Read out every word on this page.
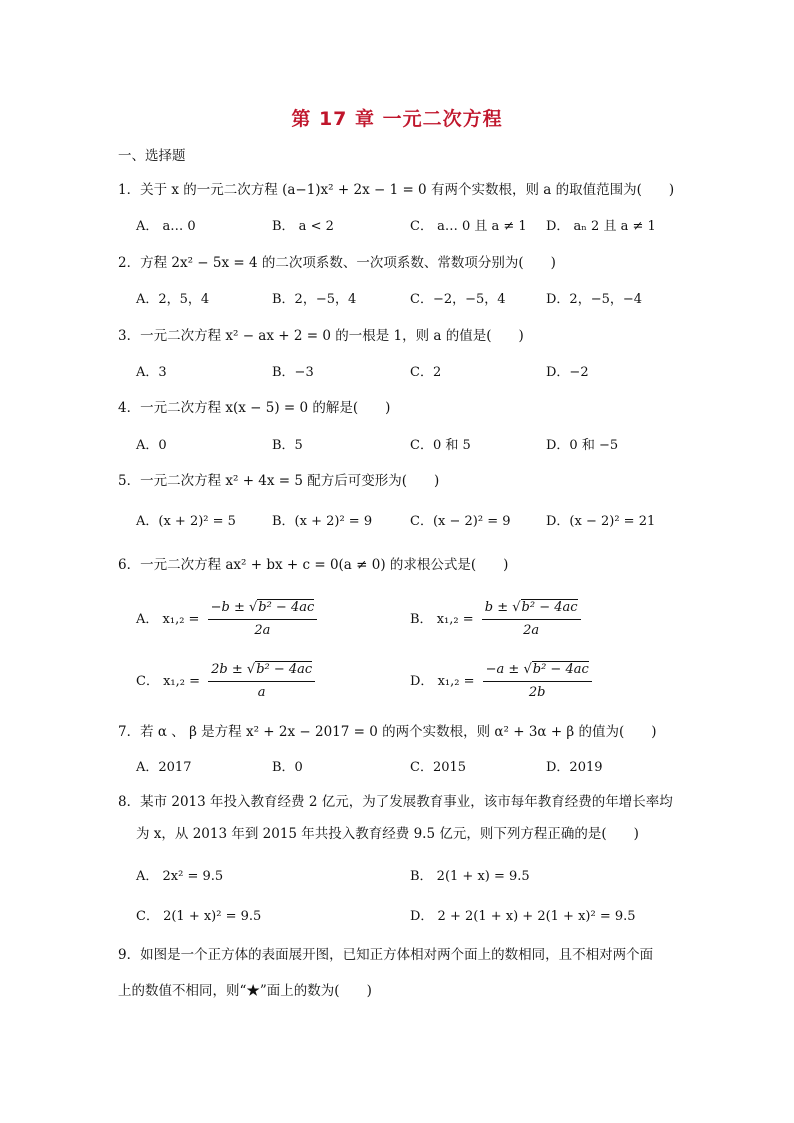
第 17 章 一元二次方程
一、选择题
1．关于 x 的一元二次方程 (a−1)x² + 2x − 1 = 0 有两个实数根，则 a 的取值范围为(　　)
A． a… 0	B． a < 2	C． a… 0 且 a ≠ 1 D． aₙ 2 且 a ≠ 1
2．方程 2x² − 5x = 4 的二次项系数、一次项系数、常数项分别为(　　)
A．2，5，4	B．2，−5，4	C．−2，−5，4	D．2，−5，−4
3．一元二次方程 x² − ax + 2 = 0 的一根是 1，则 a 的值是(　　)
A．3	B．−3	C．2	D．−2
4．一元二次方程 x(x − 5) = 0 的解是(　　)
A．0	B．5	C．0 和 5	D．0 和 −5
5．一元二次方程 x² + 4x = 5 配方后可变形为(　　)
A．(x + 2)² = 5	B．(x + 2)² = 9	C．(x − 2)² = 9	D．(x − 2)² = 21
6．一元二次方程 ax² + bx + c = 0(a ≠ 0) 的求根公式是(　　)
A． $x_1,_2 = \frac{\text{−b ± √b² − 4ac}}{2a}$	B． $x_1,_2 = \frac{\text{b ± √b² − 4ac}}{2a}$
C． $x_1,_2 = \frac{\text{2b ± √b² − 4ac}}{a}$	D． $x_1,_2 = \frac{\text{−a ± √b² − 4ac}}{2b}$
7．若 α 、 β 是方程 x² + 2x − 2017 = 0 的两个实数根，则 α² + 3α + β 的值为(　　)
A．2017	B．0	C．2015	D．2019
8．某市 2013 年投入教育经费 2 亿元，为了发展教育事业，该市每年教育经费的年增长率均
为 x，从 2013 年到 2015 年共投入教育经费 9.5 亿元，则下列方程正确的是(　　)
A． 2x² = 9.5	B． 2(1 + x) = 9.5
C． 2(1 + x)² = 9.5	D． 2 + 2(1 + x) + 2(1 + x)² = 9.5
9．如图是一个正方体的表面展开图，已知正方体相对两个面上的数相同，且不相对两个面
上的数值不相同，则“★”面上的数为(　　)
